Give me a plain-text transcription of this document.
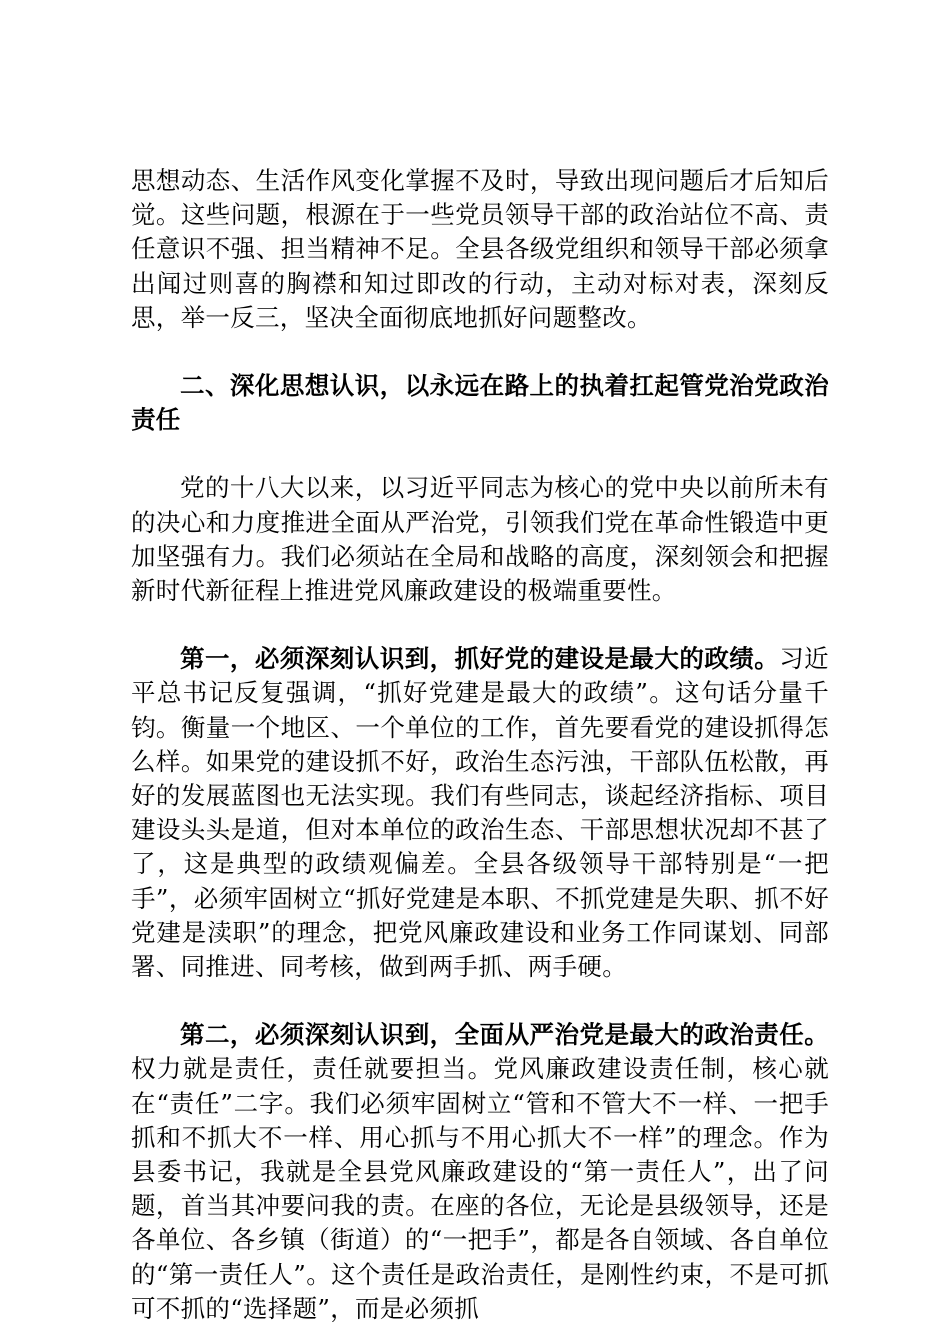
思想动态、生活作风变化掌握不及时，导致出现问题后才后知后觉。这些问题，根源在于一些党员领导干部的政治站位不高、责任意识不强、担当精神不足。全县各级党组织和领导干部必须拿出闻过则喜的胸襟和知过即改的行动，主动对标对表，深刻反思，举一反三，坚决全面彻底地抓好问题整改。

二、深化思想认识，以永远在路上的执着扛起管党治党政治责任

党的十八大以来，以习近平同志为核心的党中央以前所未有的决心和力度推进全面从严治党，引领我们党在革命性锻造中更加坚强有力。我们必须站在全局和战略的高度，深刻领会和把握新时代新征程上推进党风廉政建设的极端重要性。

第一，必须深刻认识到，抓好党的建设是最大的政绩。习近平总书记反复强调，“抓好党建是最大的政绩”。这句话分量千钧。衡量一个地区、一个单位的工作，首先要看党的建设抓得怎么样。如果党的建设抓不好，政治生态污浊，干部队伍松散，再好的发展蓝图也无法实现。我们有些同志，谈起经济指标、项目建设头头是道，但对本单位的政治生态、干部思想状况却不甚了了，这是典型的政绩观偏差。全县各级领导干部特别是“一把手”，必须牢固树立“抓好党建是本职、不抓党建是失职、抓不好党建是渎职”的理念，把党风廉政建设和业务工作同谋划、同部署、同推进、同考核，做到两手抓、两手硬。

第二，必须深刻认识到，全面从严治党是最大的政治责任。权力就是责任，责任就要担当。党风廉政建设责任制，核心就在“责任”二字。我们必须牢固树立“管和不管大不一样、一把手抓和不抓大不一样、用心抓与不用心抓大不一样”的理念。作为县委书记，我就是全县党风廉政建设的“第一责任人”，出了问题，首当其冲要问我的责。在座的各位，无论是县级领导，还是各单位、各乡镇（街道）的“一把手”，都是各自领域、各自单位的“第一责任人”。这个责任是政治责任，是刚性约束，不是可抓可不抓的“选择题”，而是必须抓
